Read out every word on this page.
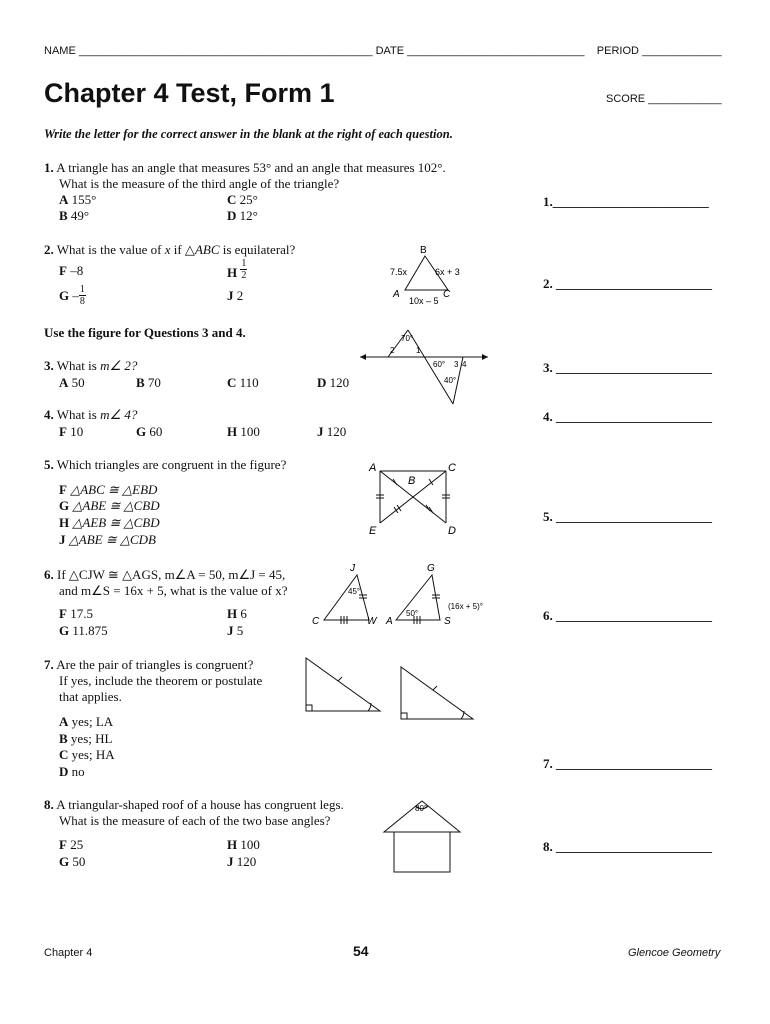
NAME ________________________________________________ DATE _____________________________ PERIOD _____________
Chapter 4 Test, Form 1	SCORE ____________
Write the letter for the correct answer in the blank at the right of each question.
1. A triangle has an angle that measures 53° and an angle that measures 102°.
What is the measure of the third angle of the triangle?
A 155°	C 25°
B 49°	D 12°
1.________________________
2. What is the value of x if △ABC is equilateral?
F –8	H $\frac{1}{2}$
G – $\frac{1}{8}$	J 2
B
A	C
7.5x	6x + 3
10x – 5
2. ________________________
Use the figure for Questions 3 and 4.	70°
2	1
60° 3 4
40°
3. What is m∠ 2?
A 50	B 70	C 110	D 120
3. ________________________
4. What is m∠ 4?
F 10	G 60	H 100	J 120
4. ________________________
5. Which triangles are congruent in the figure?
F △ABC ≅ △EBD
G △ABE ≅ △CBD
H △AEB ≅ △CBD
J △ABE ≅ △CDB
A
B
C
E	D
5. ________________________
6. If △CJW ≅ △AGS, m∠A = 50, m∠J = 45,
and m∠S = 16x + 5, what is the value of x?
F 17.5	H 6
G 11.875	J 5
J
45°
C	W
G
A
50°
S
(16x + 5)°
6. ________________________
7. Are the pair of triangles is congruent?
If yes, include the theorem or postulate
that applies.
A yes; LA
B yes; HL
C yes; HA
D no
7. ________________________
8. A triangular-shaped roof of a house has congruent legs.
What is the measure of each of the two base angles?
F 25	H 100
G 50	J 120
80°
8. ________________________
Chapter 4	54	Glencoe Geometry
